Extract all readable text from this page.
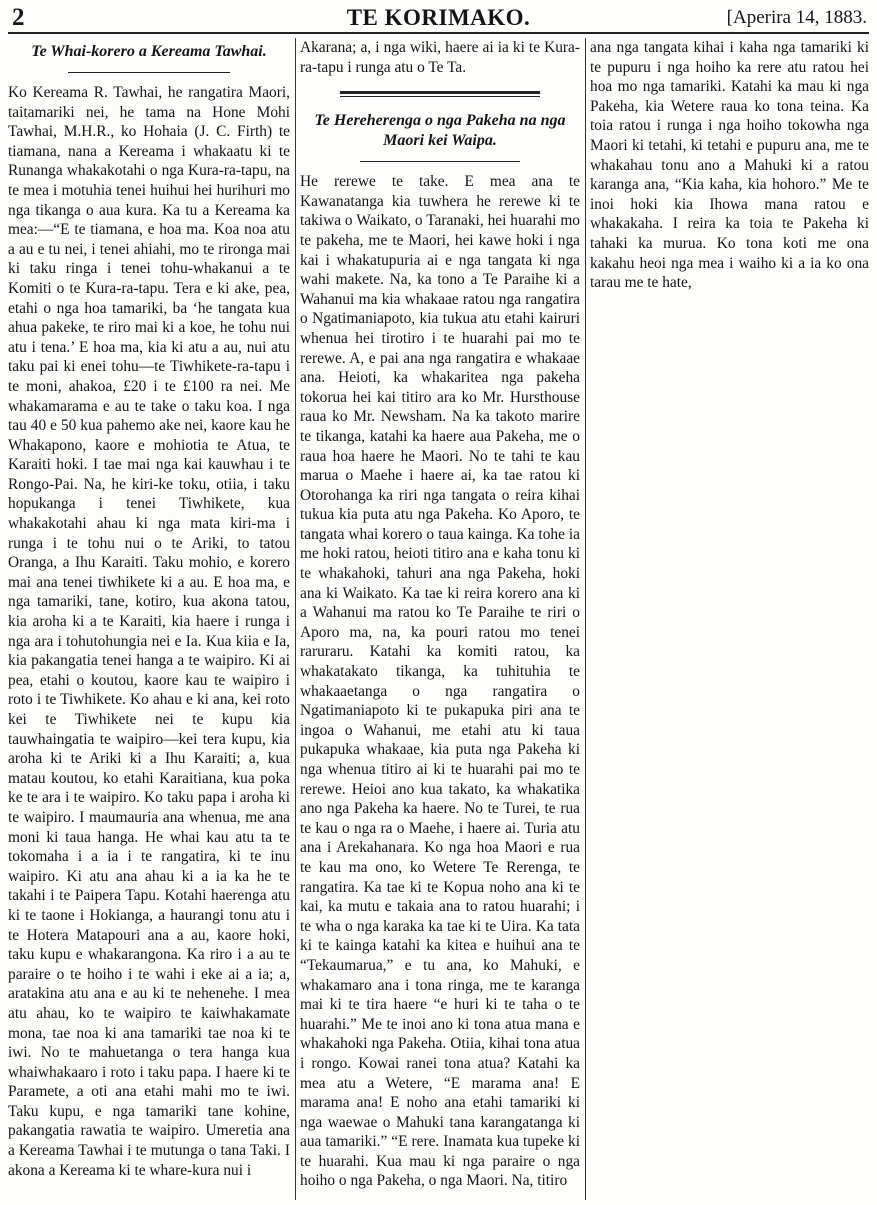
2	TE KORIMAKO.	[Aperira 14, 1883.
Te Whai-korero a Kereama Tawhai.

Ko Kereama R. Tawhai, he rangatira Maori, taitamariki nei, he tama na Hone Mohi Tawhai, M.H.R., ko Hohaia (J. C. Firth) te tiamana, nana a Kereama i whakaatu ki te Runanga whakakotahi o nga Kura-ra-tapu, na te mea i motuhia tenei huihui hei hurihuri mo nga tikanga o aua kura. Ka tu a Kereama ka mea:—“E te tiamana, e hoa ma. Koa noa atu a au e tu nei, i tenei ahiahi, mo te rironga mai ki taku ringa i tenei tohu-whakanui a te Komiti o te Kura-ra-tapu. Tera e ki ake, pea, etahi o nga hoa tamariki, ba ‘he tangata kua ahua pakeke, te riro mai ki a koe, he tohu nui atu i tena.’ E hoa ma, kia ki atu a au, nui atu taku pai ki enei tohu—te Tiwhikete-ra-tapu i te moni, ahakoa, £20 i te £100 ra nei. Me whakamarama e au te take o taku koa. I nga tau 40 e 50 kua pahemo ake nei, kaore kau he Whakapono, kaore e mohiotia te Atua, te Karaiti hoki. I tae mai nga kai kauwhau i te Rongo-Pai. Na, he kiri-ke toku, otiia, i taku hopukanga i tenei Tiwhikete, kua whakakotahi ahau ki nga mata kiri-ma i runga i te tohu nui o te Ariki, to tatou Oranga, a Ihu Karaiti. Taku mohio, e korero mai ana tenei tiwhikete ki a au. E hoa ma, e nga tamariki, tane, kotiro, kua akona tatou, kia aroha ki a te Karaiti, kia haere i runga i nga ara i tohutohungia nei e Ia. Kua kiia e Ia, kia pakangatia tenei hanga a te waipiro. Ki ai pea, etahi o koutou, kaore kau te waipiro i roto i te Tiwhikete. Ko ahau e ki ana, kei roto kei te Tiwhikete nei te kupu kia tauwhaingatia te waipiro—kei tera kupu, kia aroha ki te Ariki ki a Ihu Karaiti; a, kua matau koutou, ko etahi Karaitiana, kua poka ke te ara i te waipiro. Ko taku papa i aroha ki te waipiro. I maumauria ana whenua, me ana moni ki taua hanga. He whai kau atu ta te tokomaha i a ia i te rangatira, ki te inu waipiro. Ki atu ana ahau ki a ia ka he te takahi i te Paipera Tapu. Kotahi haerenga atu ki te taone i Hokianga, a haurangi tonu atu i te Hotera Matapouri ana a au, kaore hoki, taku kupu e whakarangona. Ka riro i a au te paraire o te hoiho i te wahi i eke ai a ia; a, aratakina atu ana e au ki te nehenehe. I mea atu ahau, ko te waipiro te kaiwhakamate mona, tae noa ki ana tamariki tae noa ki te iwi. No te mahuetanga o tera hanga kua whaiwhakaaro i roto i taku papa. I haere ki te Paramete, a oti ana etahi mahi mo te iwi. Taku kupu, e nga tamariki tane kohine, pakangatia rawatia te waipiro. Umeretia ana a Kereama Tawhai i te mutunga o tana Taki. I akona a Kereama ki te whare-kura nui i

Akarana; a, i nga wiki, haere ai ia ki te Kura-ra-tapu i runga atu o Te Ta.

Te Hereherenga o nga Pakeha na nga Maori kei Waipa.

He rerewe te take. E mea ana te Kawanatanga kia tuwhera he rerewe ki te takiwa o Waikato, o Taranaki, hei huarahi mo te pakeha, me te Maori, hei kawe hoki i nga kai i whakatupuria ai e nga tangata ki nga wahi makete. Na, ka tono a Te Paraihe ki a Wahanui ma kia whakaae ratou nga rangatira o Ngatimaniapoto, kia tukua atu etahi kairuri whenua hei tirotiro i te huarahi pai mo te rerewe. A, e pai ana nga rangatira e whakaae ana. Heioti, ka whakaritea nga pakeha tokorua hei kai titiro ara ko Mr. Hursthouse raua ko Mr. Newsham. Na ka takoto marire te tikanga, katahi ka haere aua Pakeha, me o raua hoa haere he Maori. No te tahi te kau marua o Maehe i haere ai, ka tae ratou ki Otorohanga ka riri nga tangata o reira kihai tukua kia puta atu nga Pakeha. Ko Aporo, te tangata whai korero o taua kainga. Ka tohe ia me hoki ratou, heioti titiro ana e kaha tonu ki te whakahoki, tahuri ana nga Pakeha, hoki ana ki Waikato. Ka tae ki reira korero ana ki a Wahanui ma ratou ko Te Paraihe te riri o Aporo ma, na, ka pouri ratou mo tenei raruraru. Katahi ka komiti ratou, ka whakatakato tikanga, ka tuhituhia te whakaaetanga o nga rangatira o Ngatimaniapoto ki te pukapuka piri ana te ingoa o Wahanui, me etahi atu ki taua pukapuka whakaae, kia puta nga Pakeha ki nga whenua titiro ai ki te huarahi pai mo te rerewe. Heioi ano kua takato, ka whakatika ano nga Pakeha ka haere. No te Turei, te rua te kau o nga ra o Maehe, i haere ai. Turia atu ana i Arekahanara. Ko nga hoa Maori e rua te kau ma ono, ko Wetere Te Rerenga, te rangatira. Ka tae ki te Kopua noho ana ki te kai, ka mutu e takaia ana to ratou huarahi; i te wha o nga karaka ka tae ki te Uira. Ka tata ki te kainga katahi ka kitea e huihui ana te “Tekaumarua,” e tu ana, ko Mahuki, e whakamaro ana i tona ringa, me te karanga mai ki te tira haere “e huri ki te taha o te huarahi.” Me te inoi ano ki tona atua mana e whakahoki nga Pakeha. Otiia, kihai tona atua i rongo. Kowai ranei tona atua? Katahi ka mea atu a Wetere, “E marama ana! E marama ana! E noho ana etahi tamariki ki nga waewae o Mahuki tana karangatanga ki aua tamariki.” “E rere. Inamata kua tupeke ki te huarahi. Kua mau ki nga paraire o nga hoiho o nga Pakeha, o nga Maori. Na, titiro

ana nga tangata kihai i kaha nga tamariki ki te pupuru i nga hoiho ka rere atu ratou hei hoa mo nga tamariki. Katahi ka mau ki nga Pakeha, kia Wetere raua ko tona teina. Ka toia ratou i runga i nga hoiho tokowha nga Maori ki tetahi, ki tetahi e pupuru ana, me te whakahau tonu ano a Mahuki ki a ratou karanga ana, “Kia kaha, kia hohoro.” Me te inoi hoki kia Ihowa mana ratou e whakakaha. I reira ka toia te Pakeha ki tahaki ka murua. Ko tona koti me ona kakahu heoi nga mea i waiho ki a ia ko ona tarau me te hate,
